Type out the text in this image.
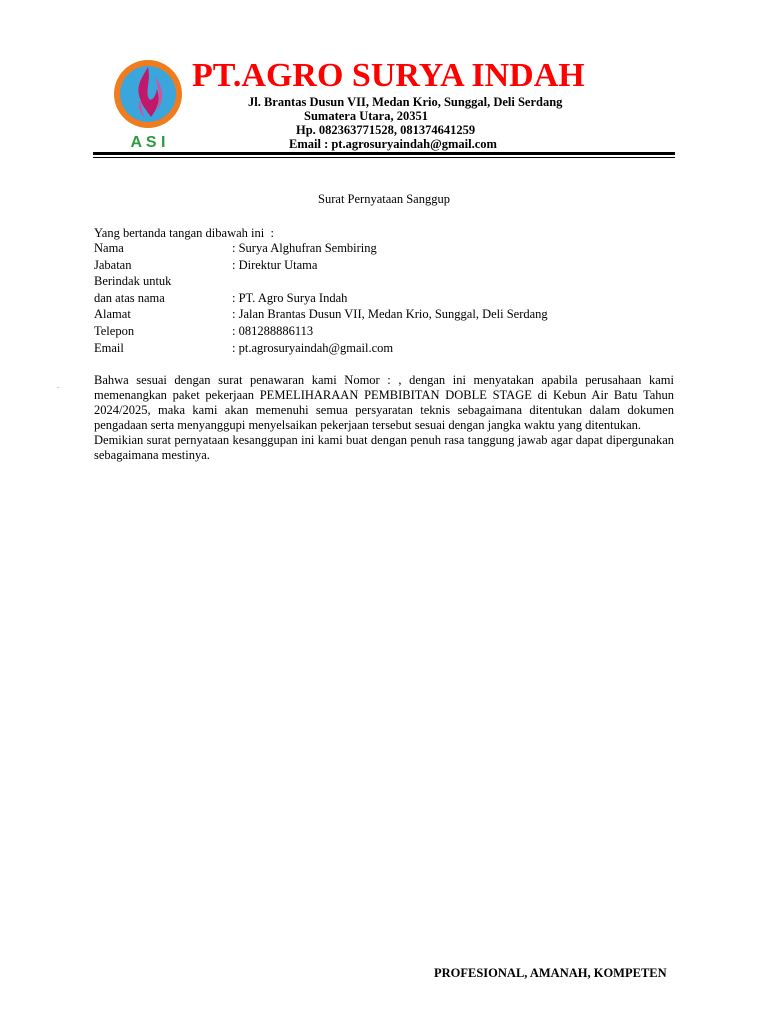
A S I
PT.AGRO SURYA INDAH
Jl. Brantas Dusun VII, Medan Krio, Sunggal, Deli Serdang
Sumatera Utara, 20351
Hp. 082363771528, 081374641259
Email : pt.agrosuryaindah@gmail.com
Surat Pernyataan Sanggup
Yang bertanda tangan dibawah ini  :
Nama	: Surya Alghufran Sembiring
Jabatan	: Direktur Utama
Berindak untuk
dan atas nama	: PT. Agro Surya Indah
Alamat	: Jalan Brantas Dusun VII, Medan Krio, Sunggal, Deli Serdang
Telepon	: 081288886113
Email	: pt.agrosuryaindah@gmail.com
.	Bahwa sesuai dengan surat penawaran kami Nomor : , dengan ini menyatakan apabila perusahaan kami memenangkan paket pekerjaan PEMELIHARAAN PEMBIBITAN DOBLE STAGE di Kebun Air Batu Tahun 2024/2025, maka kami akan memenuhi semua persyaratan teknis sebagaimana ditentukan dalam dokumen pengadaan serta menyanggupi menyelsaikan pekerjaan tersebut sesuai dengan jangka waktu yang ditentukan.

Demikian surat pernyataan kesanggupan ini kami buat dengan penuh rasa tanggung jawab agar dapat dipergunakan sebagaimana mestinya.

PROFESIONAL, AMANAH, KOMPETEN
